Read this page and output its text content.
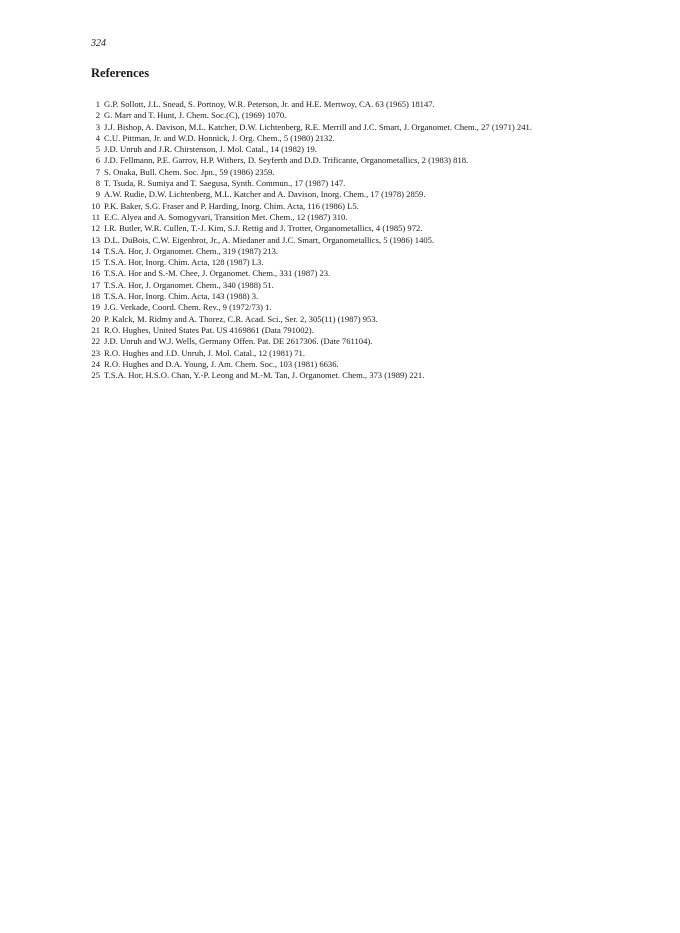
324
References
1 G.P. Sollott, J.L. Snead, S. Portnoy, W.R. Peterson, Jr. and H.E. Mertwoy, CA. 63 (1965) 18147.
2 G. Marr and T. Hunt, J. Chem. Soc.(C), (1969) 1070.
3 J.J. Bishop, A. Davison, M.L. Katcher, D.W. Lichtenberg, R.E. Merrill and J.C. Smart, J. Organomet. Chem., 27 (1971) 241.
4 C.U. Pittman, Jr. and W.D. Honnick, J. Org. Chem., 5 (1980) 2132.
5 J.D. Unruh and J.R. Chirstenson, J. Mol. Catal., 14 (1982) 19.
6 J.D. Fellmann, P.E. Garrov, H.P. Withers, D. Seyferth and D.D. Trificante, Organometallics, 2 (1983) 818.
7 S. Onaka, Bull. Chem. Soc. Jpn., 59 (1986) 2359.
8 T. Tsuda, R. Sumiya and T. Saegusa, Synth. Commun., 17 (1987) 147.
9 A.W. Rudie, D.W. Lichtenberg, M.L. Katcher and A. Davison, Inorg. Chem., 17 (1978) 2859.
10 P.K. Baker, S.G. Fraser and P. Harding, Inorg. Chim. Acta, 116 (1986) L5.
11 E.C. Alyea and A. Somogyvari, Transition Met. Chem., 12 (1987) 310.
12 I.R. Butler, W.R. Cullen, T.-J. Kim, S.J. Rettig and J. Trotter, Organometallics, 4 (1985) 972.
13 D.L. DuBois, C.W. Eigenbrot, Jr., A. Miedaner and J.C. Smart, Organometallics, 5 (1986) 1405.
14 T.S.A. Hor, J. Organomet. Chem., 319 (1987) 213.
15 T.S.A. Hor, Inorg. Chim. Acta, 128 (1987) L3.
16 T.S.A. Hor and S.-M. Chee, J. Organomet. Chem., 331 (1987) 23.
17 T.S.A. Hor, J. Organomet. Chem., 340 (1988) 51.
18 T.S.A. Hor, Inorg. Chim. Acta, 143 (1988) 3.
19 J.G. Verkade, Coord. Chem. Rev., 9 (1972/73) 1.
20 P. Kalck, M. Ridmy and A. Thorez, C.R. Acad. Sci., Ser. 2, 305(11) (1987) 953.
21 R.O. Hughes, United States Pat. US 4169861 (Data 791002).
22 J.D. Unruh and W.J. Wells, Germany Offen. Pat. DE 2617306. (Date 761104).
23 R.O. Hughes and J.D. Unruh, J. Mol. Catal., 12 (1981) 71.
24 R.O. Hughes and D.A. Young, J. Am. Chem. Soc., 103 (1981) 6636.
25 T.S.A. Hor, H.S.O. Chan, Y.-P. Leong and M.-M. Tan, J. Organomet. Chem., 373 (1989) 221.
